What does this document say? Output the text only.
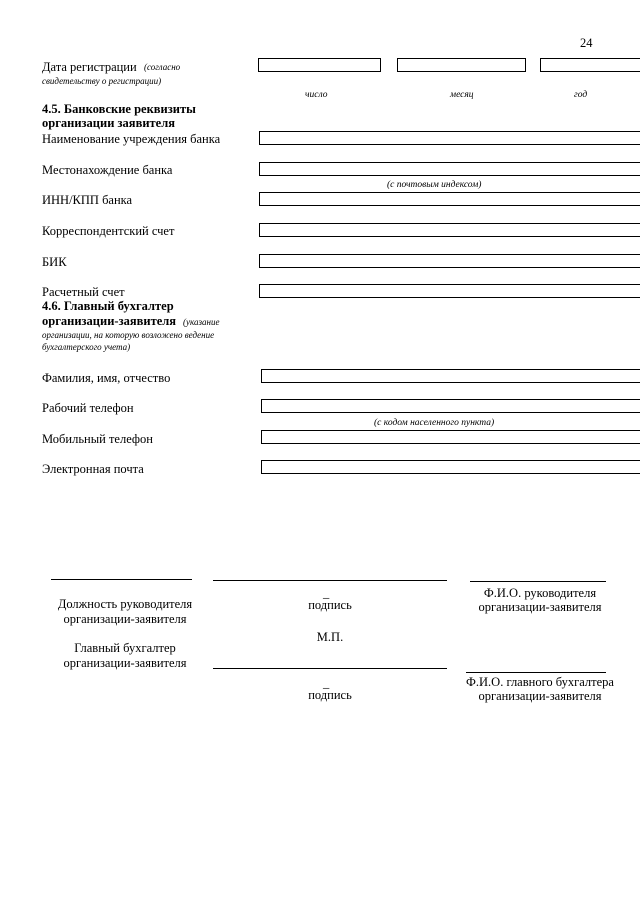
24
Дата регистрации (согласно
свидетельству о регистрации)
число	месяц	год
4.5. Банковские реквизиты
организации заявителя
Наименование учреждения банка
Местонахождение банка
(с почтовым индексом)
ИНН/КПП банка
Корреспондентский счет
БИК
Расчетный счет
4.6. Главный бухгалтер
организации-заявителя (указание
организации, на которую возложено ведение
бухгалтерского учета)
Фамилия, имя, отчество
Рабочий телефон
(с кодом населенного пункта)
Мобильный телефон
Электронная почта
_
Должность руководителя
организации-заявителя
подпись
Ф.И.О. руководителя
организации-заявителя
М.П.
Главный бухгалтер
организации-заявителя
_
подпись
Ф.И.О. главного бухгалтера
организации-заявителя
